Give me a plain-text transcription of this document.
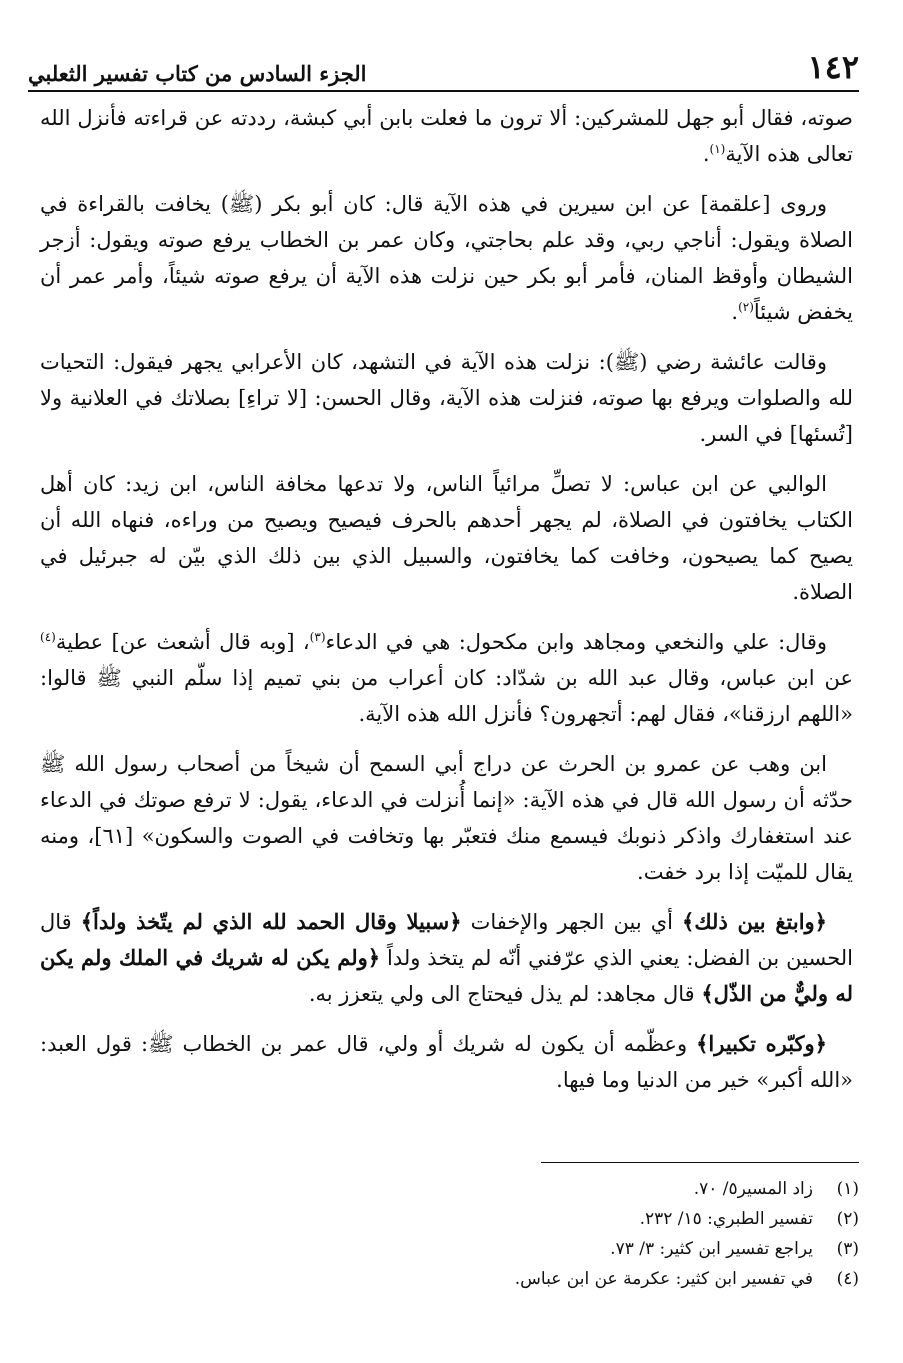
١٤٢
الجزء السادس من كتاب تفسير الثعلبي

صوته، فقال أبو جهل للمشركين: ألا ترون ما فعلت بابن أبي كبشة، رددته عن قراءته فأنزل الله تعالى هذه الآية$^{(١)}$.

وروى [علقمة] عن ابن سيرين في هذه الآية قال: كان أبو بكر (ﷺ) يخافت بالقراءة في الصلاة ويقول: أناجي ربي، وقد علم بحاجتي، وكان عمر بن الخطاب يرفع صوته ويقول: أزجر الشيطان وأوقظ المنان، فأمر أبو بكر حين نزلت هذه الآية أن يرفع صوته شيئاً، وأمر عمر أن يخفض شيئاً$^{(٢)}$.

وقالت عائشة رضي (ﷺ): نزلت هذه الآية في التشهد، كان الأعرابي يجهر فيقول: التحيات لله والصلوات ويرفع بها صوته، فنزلت هذه الآية، وقال الحسن: [لا تراءِ] بصلاتك في العلانية ولا [تُسئها] في السر.

الوالبي عن ابن عباس: لا تصلِّ مرائياً الناس، ولا تدعها مخافة الناس، ابن زيد: كان أهل الكتاب يخافتون في الصلاة، لم يجهر أحدهم بالحرف فيصيح ويصيح من وراءه، فنهاه الله أن يصيح كما يصيحون، وخافت كما يخافتون، والسبيل الذي بين ذلك الذي بيّن له جبرئيل في الصلاة.

وقال: علي والنخعي ومجاهد وابن مكحول: هي في الدعاء$^{(٣)}$، [وبه قال أشعث عن] عطية$^{(٤)}$ عن ابن عباس، وقال عبد الله بن شدّاد: كان أعراب من بني تميم إذا سلّم النبي ﷺ قالوا: «اللهم ارزقنا»، فقال لهم: أتجهرون؟ فأنزل الله هذه الآية.

ابن وهب عن عمرو بن الحرث عن دراج أبي السمح أن شيخاً من أصحاب رسول الله ﷺ حدّثه أن رسول الله قال في هذه الآية: «إنما أُنزلت في الدعاء، يقول: لا ترفع صوتك في الدعاء عند استغفارك واذكر ذنوبك فيسمع منك فتعبّر بها وتخافت في الصوت والسكون» [٦١]، ومنه يقال للميّت إذا برد خفت.

﴿وابتغ بين ذلك﴾ أي بين الجهر والإخفات ﴿سبيلا وقال الحمد لله الذي لم يتّخذ ولداً﴾ قال الحسين بن الفضل: يعني الذي عرّفني أنّه لم يتخذ ولداً ﴿ولم يكن له شريك في الملك ولم يكن له وليٌّ من الذّل﴾ قال مجاهد: لم يذل فيحتاج الى ولي يتعزز به.

﴿وكبّره تكبيرا﴾ وعظّمه أن يكون له شريك أو ولي، قال عمر بن الخطاب ﷺ: قول العبد: «الله أكبر» خير من الدنيا وما فيها.

(١)
زاد المسير٥/ ٧٠.
(٢)
تفسير الطبري: ١٥/ ٢٣٢.
(٣)
يراجع تفسير ابن كثير: ٣/ ٧٣.
(٤)
في تفسير ابن كثير: عكرمة عن ابن عباس.
